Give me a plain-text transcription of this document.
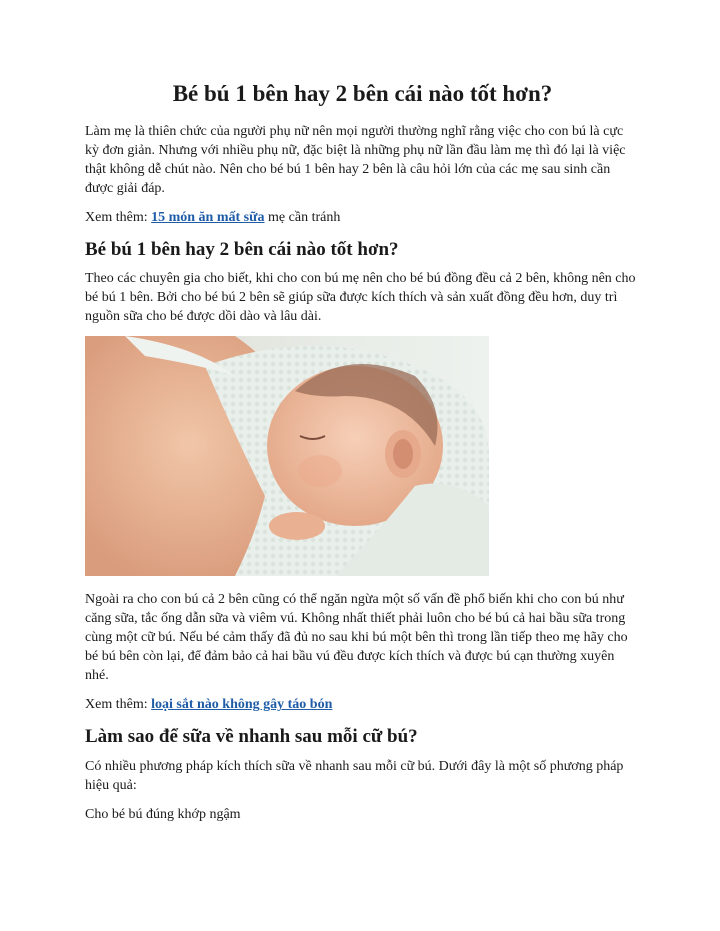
Bé bú 1 bên hay 2 bên cái nào tốt hơn?

Làm mẹ là thiên chức của người phụ nữ nên mọi người thường nghĩ rằng việc cho con bú là cực kỳ đơn giản. Nhưng với nhiều phụ nữ, đặc biệt là những phụ nữ lần đầu làm mẹ thì đó lại là việc thật không dễ chút nào. Nên cho bé bú 1 bên hay 2 bên là câu hỏi lớn của các mẹ sau sinh cần được giải đáp.

Xem thêm: 15 món ăn mất sữa mẹ cần tránh

Bé bú 1 bên hay 2 bên cái nào tốt hơn?

Theo các chuyên gia cho biết, khi cho con bú mẹ nên cho bé bú đồng đều cả 2 bên, không nên cho bé bú 1 bên. Bởi cho bé bú 2 bên sẽ giúp sữa được kích thích và sản xuất đồng đều hơn, duy trì nguồn sữa cho bé được dồi dào và lâu dài.

Ngoài ra cho con bú cả 2 bên cũng có thể ngăn ngừa một số vấn đề phổ biến khi cho con bú như căng sữa, tắc ống dẫn sữa và viêm vú. Không nhất thiết phải luôn cho bé bú cả hai bầu sữa trong cùng một cữ bú. Nếu bé cảm thấy đã đủ no sau khi bú một bên thì trong lần tiếp theo mẹ hãy cho bé bú bên còn lại, để đảm bảo cả hai bầu vú đều được kích thích và được bú cạn thường xuyên nhé.

Xem thêm: loại sắt nào không gây táo bón

Làm sao để sữa về nhanh sau mỗi cữ bú?

Có nhiều phương pháp kích thích sữa về nhanh sau mỗi cữ bú. Dưới đây là một số phương pháp hiệu quả:

Cho bé bú đúng khớp ngậm
